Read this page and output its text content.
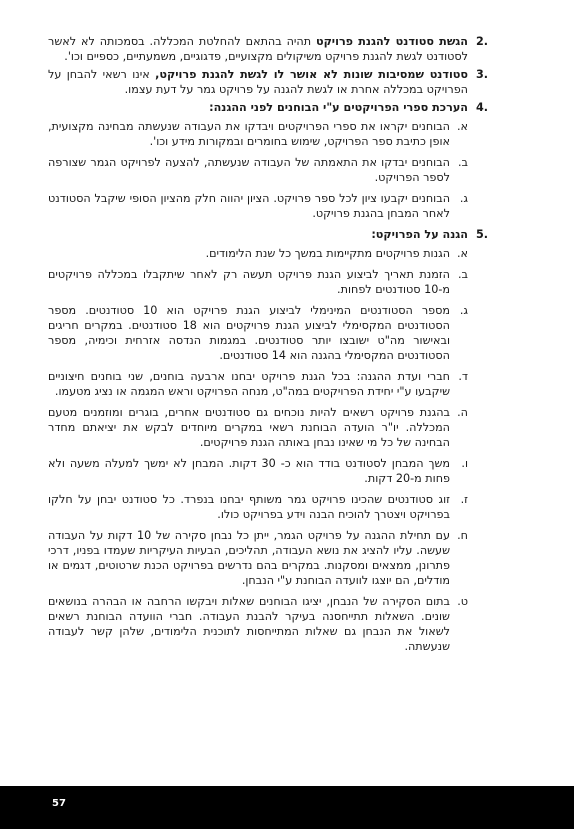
.2
הגשת סטודנט להגנת פרויקט תהיה בהתאם להחלטת המכללה. בסמכותה לא לאשר לסטודנט לגשת להגנת פרויקט משיקולים מקצועיים, פדגוגיים, משמעתיים, כספיים וכו'.
.3
סטודנט שמסיבות שונות לא אושר לו לגשת להגנת פרויקט, אינו רשאי להבחן על הפרויקט במכללה אחרת או לגשת להגנה על פרויקט גמר על דעת עצמו.
.4
הערכת ספרי הפרויקטים ע"י הבוחנים לפני ההגנה:
א.
הבוחנים יקראו את ספרי הפרויקטים ויבדקו את העבודה שנעשתה מבחינה מקצועית, אופן כתיבת ספר הפרויקט, שימוש בחומרים ובמקורות מידע וכו'.
ב.
הבוחנים יבדקו את התאמתה של העבודה שנעשתה, להצעה לפרויקט הגמר שצורפה לספר הפרויקט.
ג.
הבוחנים יקבעו ציון לכל ספר פרויקט. הציון יהווה חלק מהציון הסופי שיקבל הסטודנט לאחר המבחן בהגנת פרויקט.
.5
הגנה על הפרויקט:
א.
הגנות פרויקטים מתקיימות במשך כל שנת הלימודים.
ב.
הזמנת תאריך לביצוע הגנת פרויקט תעשה רק לאחר שיתקבלו במכללה פרויקטים מ-10 סטודנטים לפחות.
ג.
מספר הסטודנטים המינימלי לביצוע הגנת פרויקט הוא 10 סטודנטים. מספר הסטודנטים המקסימלי לביצוע הגנת פרויקטים הוא 18 סטודנטים. במקרים חריגים ובאישור מה"ט ישובצו יותר סטודנטים. במגמות הנדסה אזרחית וכימיה, מספר הסטודנטים המקסימלי בהגנה הוא 14 סטודנטים.
ד.
חברי ועדת ההגנה: בכל הגנת פרויקט יבחנו ארבעה בוחנים, שני בוחנים חיצוניים שיקבעו ע"י יחידת הפרויקטים במה"ט, מנחה הפרויקט וראש המגמה או נציג מטעמו.
ה.
בהגנת פרויקט רשאים להיות נוכחים גם סטודנטים אחרים, בוגרים ומוזמנים מטעם המכללה. יו"ר הועדה הבוחנת רשאי במקרים מיוחדים לבקש את יציאתם מחדר הבחינה של כל מי שאינו נבחן באותה הגנת פרויקטים.
ו.
משך המבחן לסטודנט בודד הוא כ- 30 דקות. המבחן לא ימשך למעלה משעה ולא פחות מ-20 דקות.
ז.
זוג סטודנטים שהכינו פרויקט גמר משותף יבחנו בנפרד. כל סטודנט יבחן על חלקו בפרויקט ויצטרך להוכיח הבנה וידע בפרויקט כולו.
ח.
עם תחילת ההגנה על פרויקט הגמר, ייתן כל נבחן סקירה של 10 דקות על העבודה שעשה. עליו להציג את נושא העבודה, תהליכים, הבעיות העיקריות שעמדו בפניו, דרכי פתרונן, ממצאים ומסקנות. במקרים בהם נדרשים בפרויקט הכנת שרטוטים, דגמים או מודלים, הם יוצגו לוועדה הבוחנת ע"י הנבחן.
ט.
בתום הסקירה של הנבחן, יציגו הבוחנים שאלות ויבקשו הרחבה או הבהרה בנושאים שונים. השאלות תתייחסנה בעיקר להבנת העבודה. חברי הוועדה הבוחנת רשאים לשאול את הנבחן גם שאלות המתייחסות לתוכנית הלימודים, שלהן קשר לעבודה שנעשתה.
57
